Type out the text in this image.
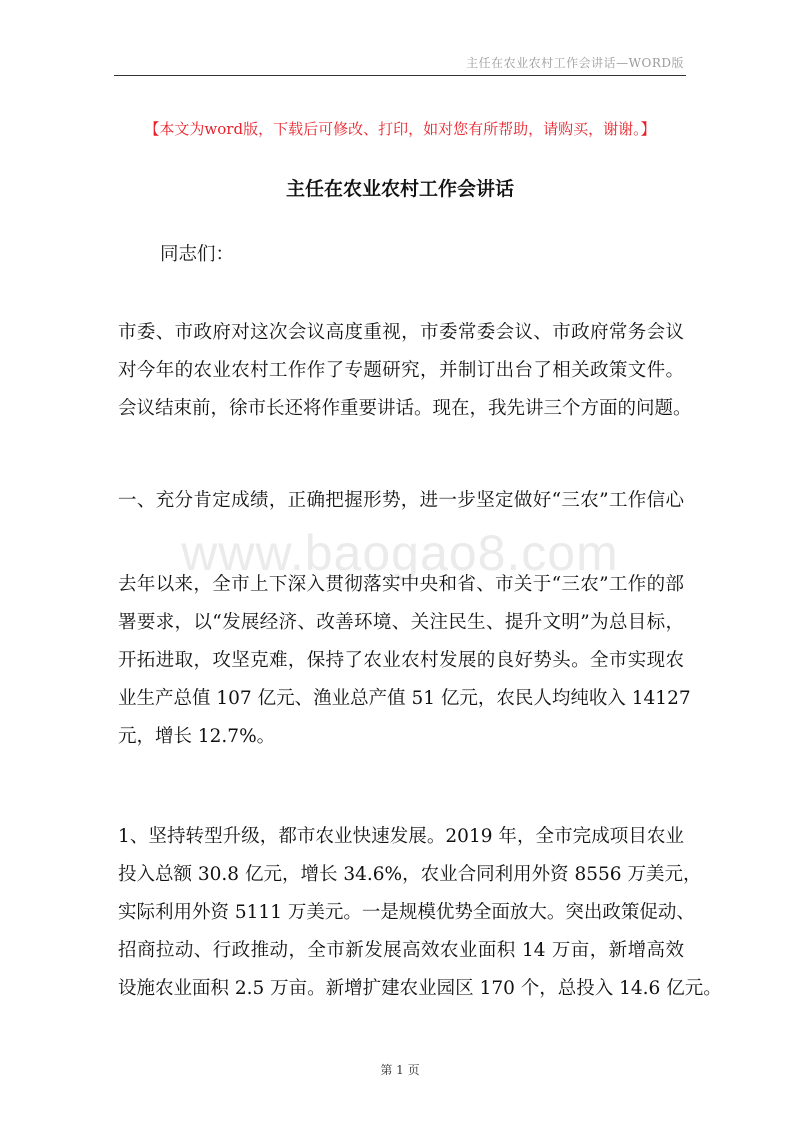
主任在农业农村工作会讲话—WORD版
【本文为word版，下载后可修改、打印，如对您有所帮助，请购买，谢谢。】
主任在农业农村工作会讲话
同志们：
市委、市政府对这次会议高度重视，市委常委会议、市政府常务会议
对今年的农业农村工作作了专题研究，并制订出台了相关政策文件。
会议结束前，徐市长还将作重要讲话。现在，我先讲三个方面的问题。
一、充分肯定成绩，正确把握形势，进一步坚定做好“三农”工作信心
www.baogao8.com
去年以来，全市上下深入贯彻落实中央和省、市关于“三农”工作的部
署要求，以“发展经济、改善环境、关注民生、提升文明”为总目标，
开拓进取，攻坚克难，保持了农业农村发展的良好势头。全市实现农
业生产总值 107 亿元、渔业总产值 51 亿元，农民人均纯收入 14127
元，增长 12.7%。
1、坚持转型升级，都市农业快速发展。2019 年，全市完成项目农业
投入总额 30.8 亿元，增长 34.6%，农业合同利用外资 8556 万美元，
实际利用外资 5111 万美元。一是规模优势全面放大。突出政策促动、
招商拉动、行政推动，全市新发展高效农业面积 14 万亩，新增高效
设施农业面积 2.5 万亩。新增扩建农业园区 170 个，总投入 14.6 亿元。
第 1 页
